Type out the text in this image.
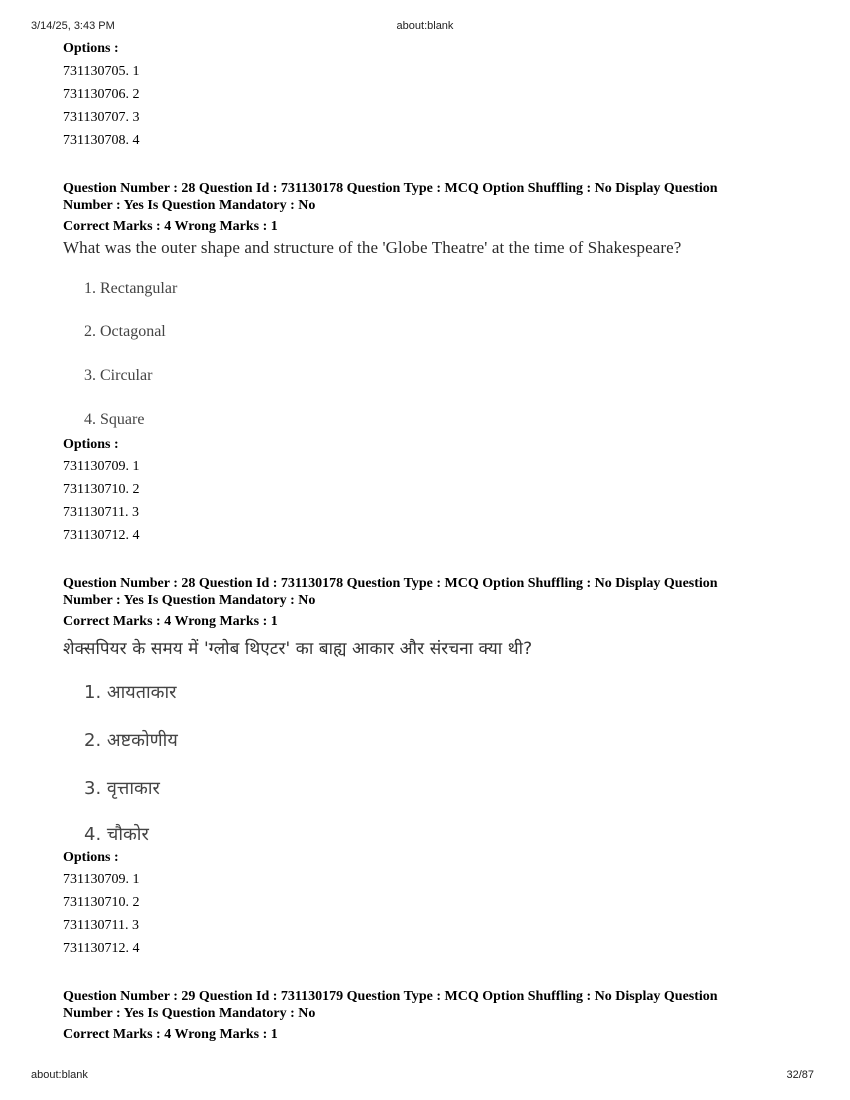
3/14/25, 3:43 PM	about:blank
Options :
731130705. 1
731130706. 2
731130707. 3
731130708. 4
Question Number : 28 Question Id : 731130178 Question Type : MCQ Option Shuffling : No Display Question
Number : Yes Is Question Mandatory : No
Correct Marks : 4 Wrong Marks : 1
What was the outer shape and structure of the 'Globe Theatre' at the time of Shakespeare?
1. Rectangular
2. Octagonal
3. Circular
4. Square
Options :
731130709. 1
731130710. 2
731130711. 3
731130712. 4
Question Number : 28 Question Id : 731130178 Question Type : MCQ Option Shuffling : No Display Question
Number : Yes Is Question Mandatory : No
Correct Marks : 4 Wrong Marks : 1
शेक्सपियर के समय में 'ग्लोब थिएटर' का बाह्य आकार और संरचना क्या थी?
1. आयताकार
2. अष्टकोणीय
3. वृत्ताकार
4. चौकोर
Options :
731130709. 1
731130710. 2
731130711. 3
731130712. 4
Question Number : 29 Question Id : 731130179 Question Type : MCQ Option Shuffling : No Display Question
Number : Yes Is Question Mandatory : No
Correct Marks : 4 Wrong Marks : 1
about:blank	32/87
